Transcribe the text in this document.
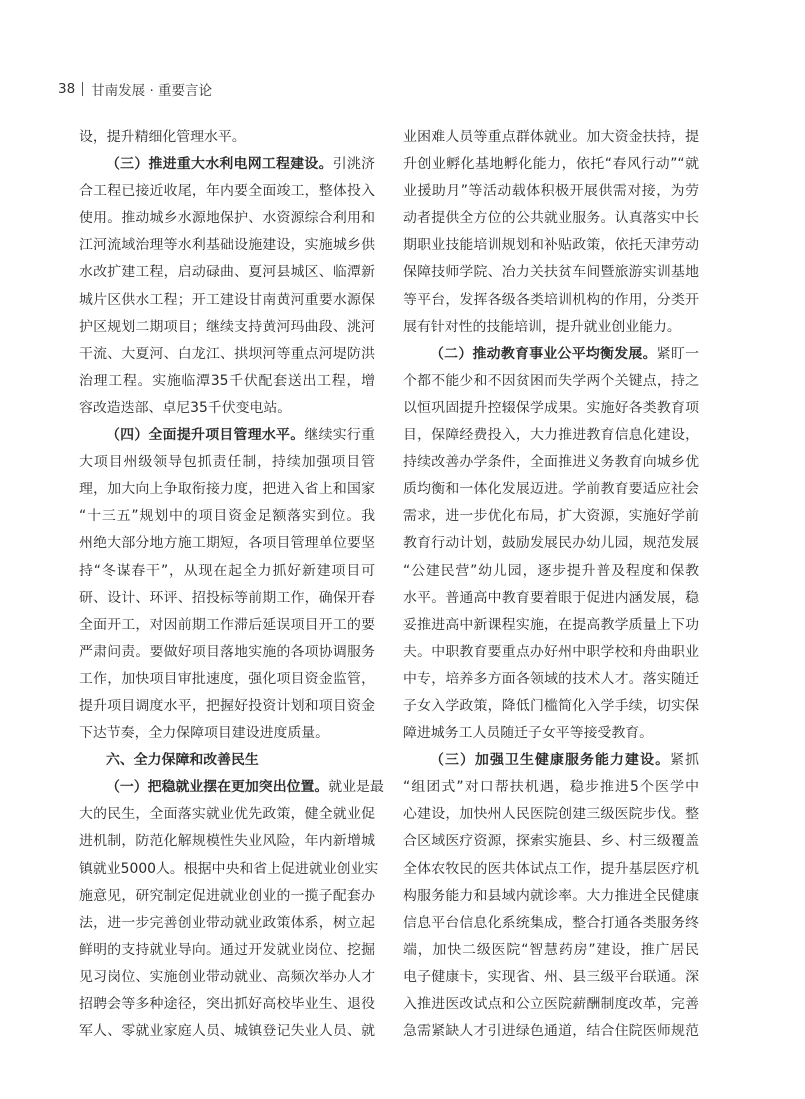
38 甘南发展 · 重要言论
设，提升精细化管理水平。
（三）推进重大水利电网工程建设。引洮济
合工程已接近收尾，年内要全面竣工，整体投入
使用。推动城乡水源地保护、水资源综合利用和
江河流域治理等水利基础设施建设，实施城乡供
水改扩建工程，启动碌曲、夏河县城区、临潭新
城片区供水工程；开工建设甘南黄河重要水源保
护区规划二期项目；继续支持黄河玛曲段、洮河
干流、大夏河、白龙江、拱坝河等重点河堤防洪
治理工程。实施临潭35千伏配套送出工程，增
容改造迭部、卓尼35千伏变电站。
（四）全面提升项目管理水平。继续实行重
大项目州级领导包抓责任制，持续加强项目管
理，加大向上争取衔接力度，把进入省上和国家
“十三五”规划中的项目资金足额落实到位。我
州绝大部分地方施工期短，各项目管理单位要坚
持“冬谋春干”，从现在起全力抓好新建项目可
研、设计、环评、招投标等前期工作，确保开春
全面开工，对因前期工作滞后延误项目开工的要
严肃问责。要做好项目落地实施的各项协调服务
工作，加快项目审批速度，强化项目资金监管，
提升项目调度水平，把握好投资计划和项目资金
下达节奏，全力保障项目建设进度质量。
六、全力保障和改善民生
（一）把稳就业摆在更加突出位置。就业是最
大的民生，全面落实就业优先政策，健全就业促
进机制，防范化解规模性失业风险，年内新增城
镇就业5000人。根据中央和省上促进就业创业实
施意见，研究制定促进就业创业的一揽子配套办
法，进一步完善创业带动就业政策体系，树立起
鲜明的支持就业导向。通过开发就业岗位、挖掘
见习岗位、实施创业带动就业、高频次举办人才
招聘会等多种途径，突出抓好高校毕业生、退役
军人、零就业家庭人员、城镇登记失业人员、就
业困难人员等重点群体就业。加大资金扶持，提
升创业孵化基地孵化能力，依托“春风行动”“就
业援助月”等活动载体积极开展供需对接，为劳
动者提供全方位的公共就业服务。认真落实中长
期职业技能培训规划和补贴政策，依托天津劳动
保障技师学院、冶力关扶贫车间暨旅游实训基地
等平台，发挥各级各类培训机构的作用，分类开
展有针对性的技能培训，提升就业创业能力。
（二）推动教育事业公平均衡发展。紧盯一
个都不能少和不因贫困而失学两个关键点，持之
以恒巩固提升控辍保学成果。实施好各类教育项
目，保障经费投入，大力推进教育信息化建设，
持续改善办学条件，全面推进义务教育向城乡优
质均衡和一体化发展迈进。学前教育要适应社会
需求，进一步优化布局，扩大资源，实施好学前
教育行动计划，鼓励发展民办幼儿园，规范发展
“公建民营”幼儿园，逐步提升普及程度和保教
水平。普通高中教育要着眼于促进内涵发展，稳
妥推进高中新课程实施，在提高教学质量上下功
夫。中职教育要重点办好州中职学校和舟曲职业
中专，培养多方面各领域的技术人才。落实随迁
子女入学政策，降低门槛简化入学手续，切实保
障进城务工人员随迁子女平等接受教育。
（三）加强卫生健康服务能力建设。紧抓
“组团式”对口帮扶机遇，稳步推进5个医学中
心建设，加快州人民医院创建三级医院步伐。整
合区域医疗资源，探索实施县、乡、村三级覆盖
全体农牧民的医共体试点工作，提升基层医疗机
构服务能力和县域内就诊率。大力推进全民健康
信息平台信息化系统集成，整合打通各类服务终
端，加快二级医院“智慧药房”建设，推广居民
电子健康卡，实现省、州、县三级平台联通。深
入推进医改试点和公立医院薪酬制度改革，完善
急需紧缺人才引进绿色通道，结合住院医师规范
